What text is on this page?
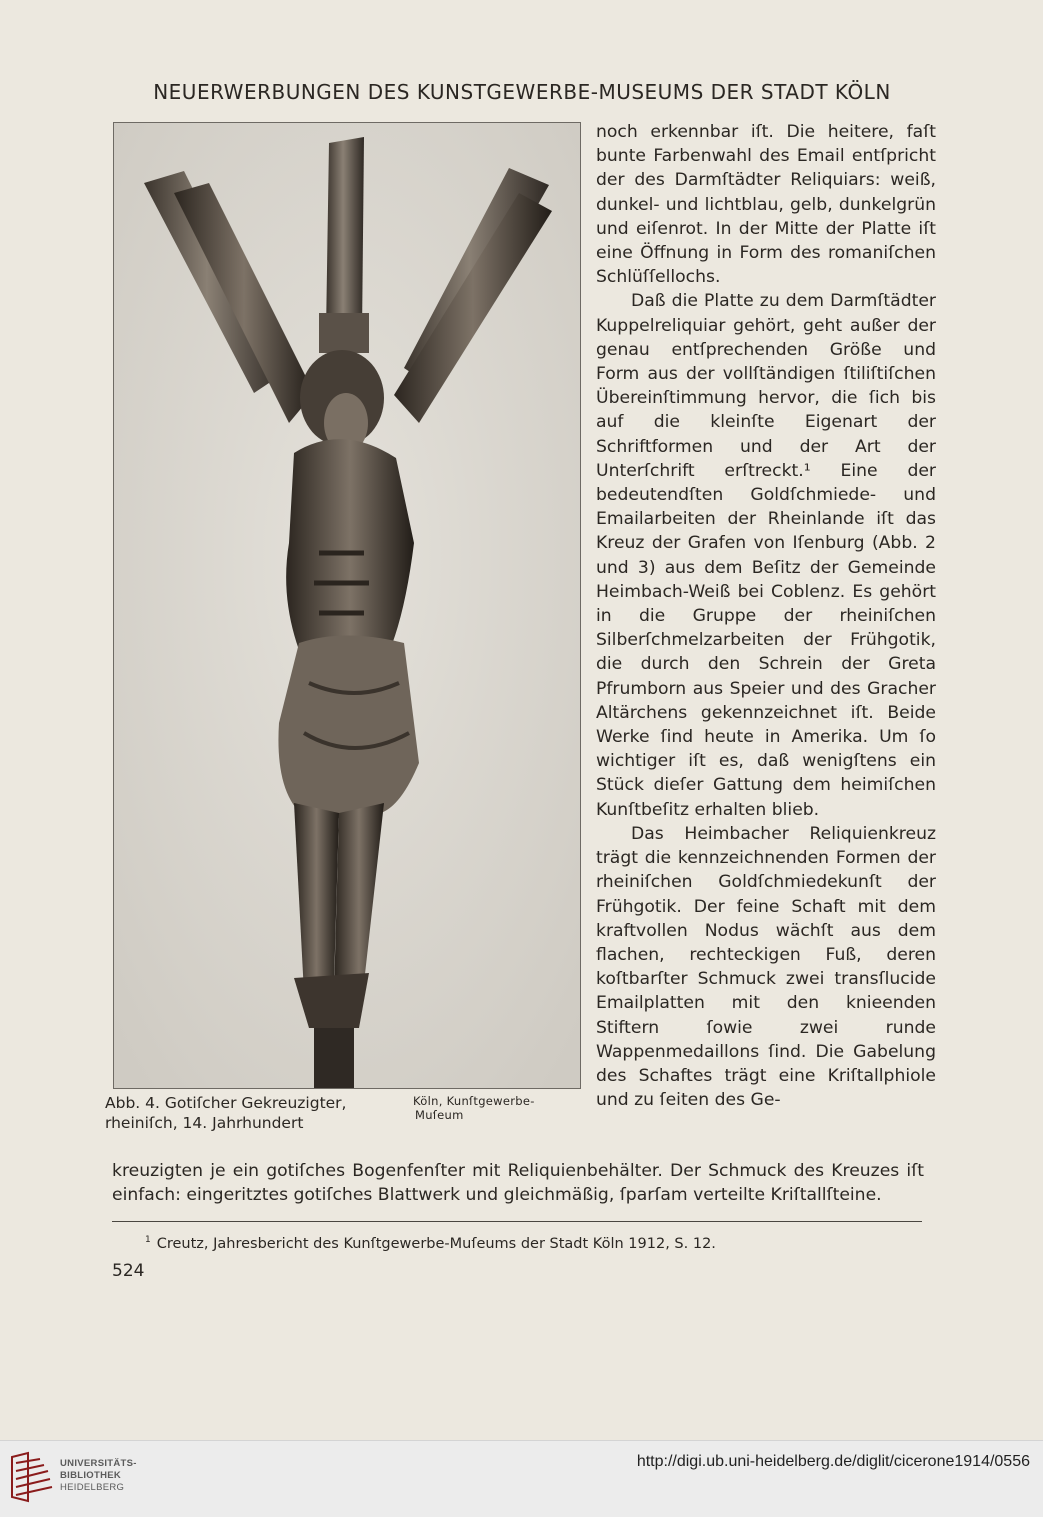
NEUERWERBUNGEN DES KUNSTGEWERBE-MUSEUMS DER STADT KÖLN

noch erkennbar iſt. Die heitere, faſt bunte Farbenwahl des Email entſpricht der des Darmſtädter Reliquiars: weiß, dunkel- und lichtblau, gelb, dunkelgrün und eiſenrot. In der Mitte der Platte iſt eine Öffnung in Form des romaniſchen Schlüſſellochs.

Daß die Platte zu dem Darmſtädter Kuppelreliquiar gehört, geht außer der genau entſprechenden Größe und Form aus der vollſtändigen ſtiliſtiſchen Übereinſtimmung hervor, die ſich bis auf die kleinſte Eigenart der Schriftformen und der Art der Unterſchrift erſtreckt.¹ Eine der bedeutendſten Goldſchmiede- und Emailarbeiten der Rheinlande iſt das Kreuz der Grafen von Iſenburg (Abb. 2 und 3) aus dem Beſitz der Gemeinde Heimbach-Weiß bei Coblenz. Es gehört in die Gruppe der rheiniſchen Silberſchmelzarbeiten der Frühgotik, die durch den Schrein der Greta Pfrumborn aus Speier und des Gracher Altärchens gekennzeichnet iſt. Beide Werke ſind heute in Amerika. Um ſo wichtiger iſt es, daß wenigſtens ein Stück dieſer Gattung dem heimiſchen Kunſtbeſitz erhalten blieb.

Das Heimbacher Reliquienkreuz trägt die kennzeichnenden Formen der rheiniſchen Goldſchmiedekunſt der Frühgotik. Der feine Schaft mit dem kraftvollen Nodus wächſt aus dem flachen, rechteckigen Fuß, deren koſtbarſter Schmuck zwei transſlucide Emailplatten mit den knieenden Stiftern ſowie zwei runde Wappenmedaillons ſind. Die Gabelung des Schaftes trägt eine Kriſtallphiole und zu ſeiten des Ge-

Abb. 4. Gotiſcher Gekreuzigter,
rheiniſch, 14. Jahrhundert
Köln, Kunſtgewerbe-
Muſeum
kreuzigten je ein gotiſches Bogenfenſter mit Reliquienbehälter. Der Schmuck des Kreuzes iſt einfach: eingeritztes gotiſches Blattwerk und gleichmäßig, ſparſam verteilte Kriſtallſteine.
$^1$ Creutz, Jahresbericht des Kunſtgewerbe-Muſeums der Stadt Köln 1912, S. 12.
524
UNIVERSITÄTS-
BIBLIOTHEK
HEIDELBERG
http://digi.ub.uni-heidelberg.de/diglit/cicerone1914/0556
